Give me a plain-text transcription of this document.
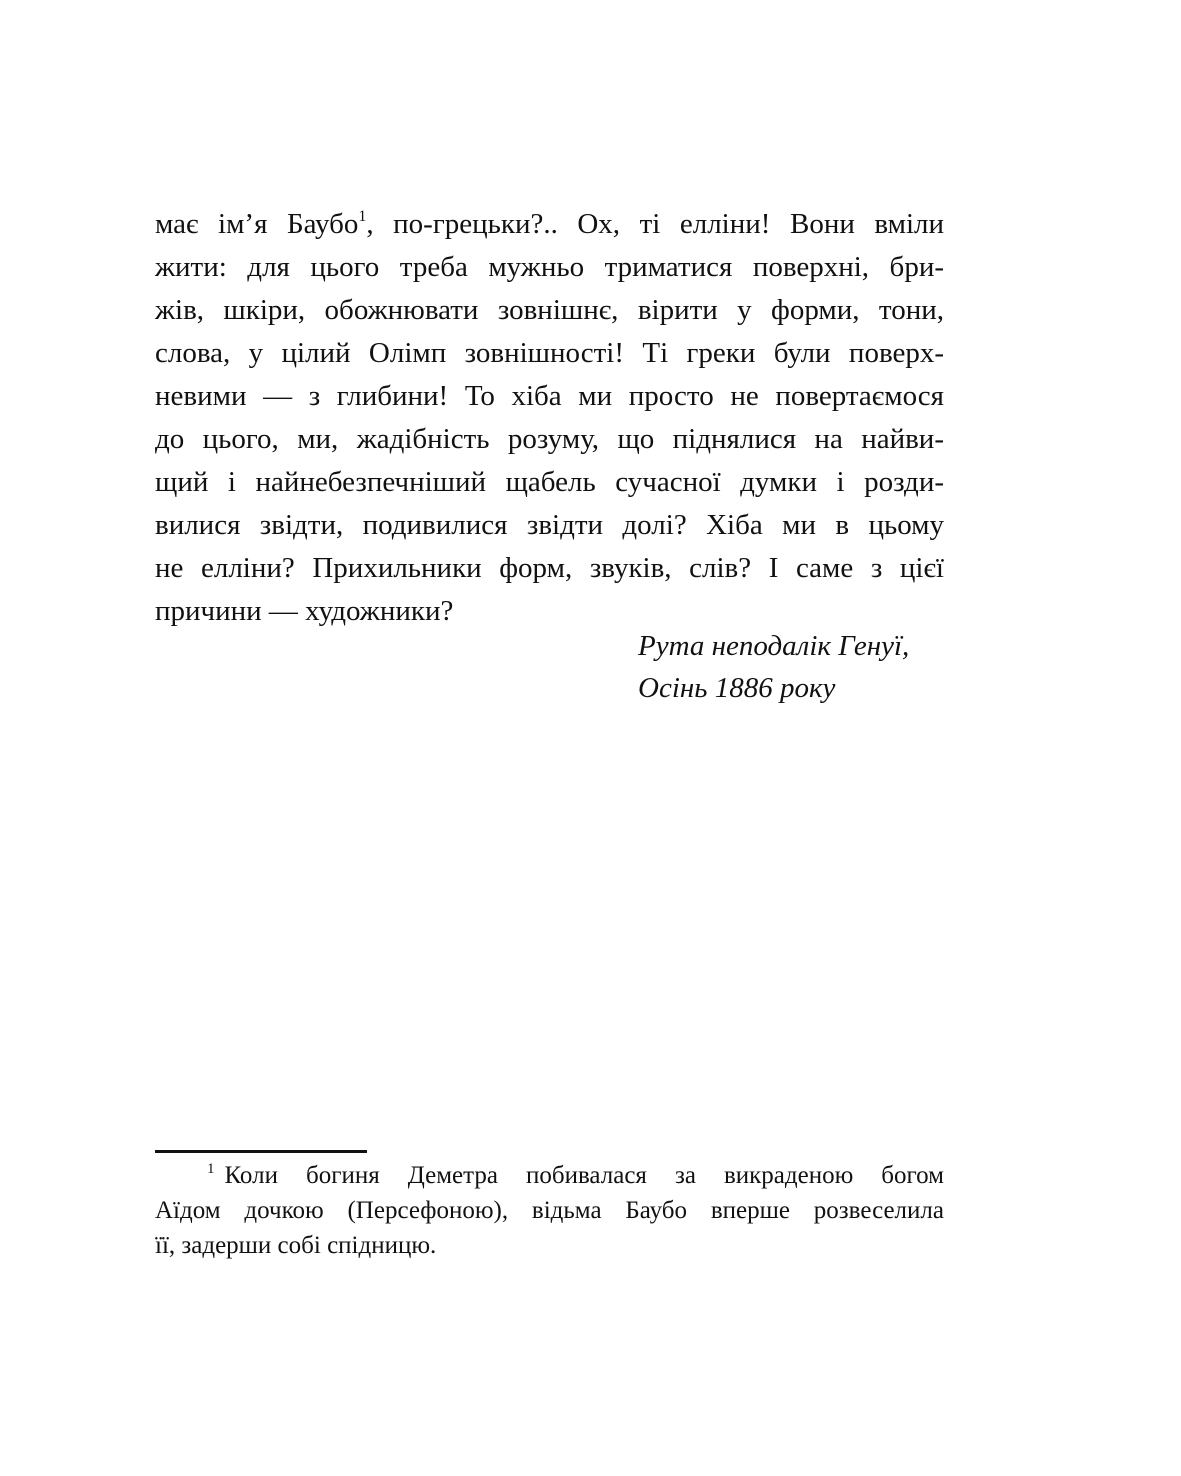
має ім’я Баубо$^1$, по-грецьки?.. Ох, ті елліни! Вони вміли
жити: для цього треба мужньо триматися поверхні, бри-
жів, шкіри, обожнювати зовнішнє, вірити у форми, тони,
слова, у цілий Олімп зовнішності! Ті греки були поверх-
невими — з глибини! То хіба ми просто не повертаємося
до цього, ми, жадібність розуму, що піднялися на найви-
щий і найнебезпечніший щабель сучасної думки і розди-
вилися звідти, подивилися звідти долі? Хіба ми в цьому
не елліни? Прихильники форм, звуків, слів? І саме з цієї
причини — художники?
Рута неподалік Генуї,
Осінь 1886 року
$^1$ Коли богиня Деметра побивалася за викраденою богом
Аїдом дочкою (Персефоною), відьма Баубо вперше розвеселила
її, задерши собі спідницю.
